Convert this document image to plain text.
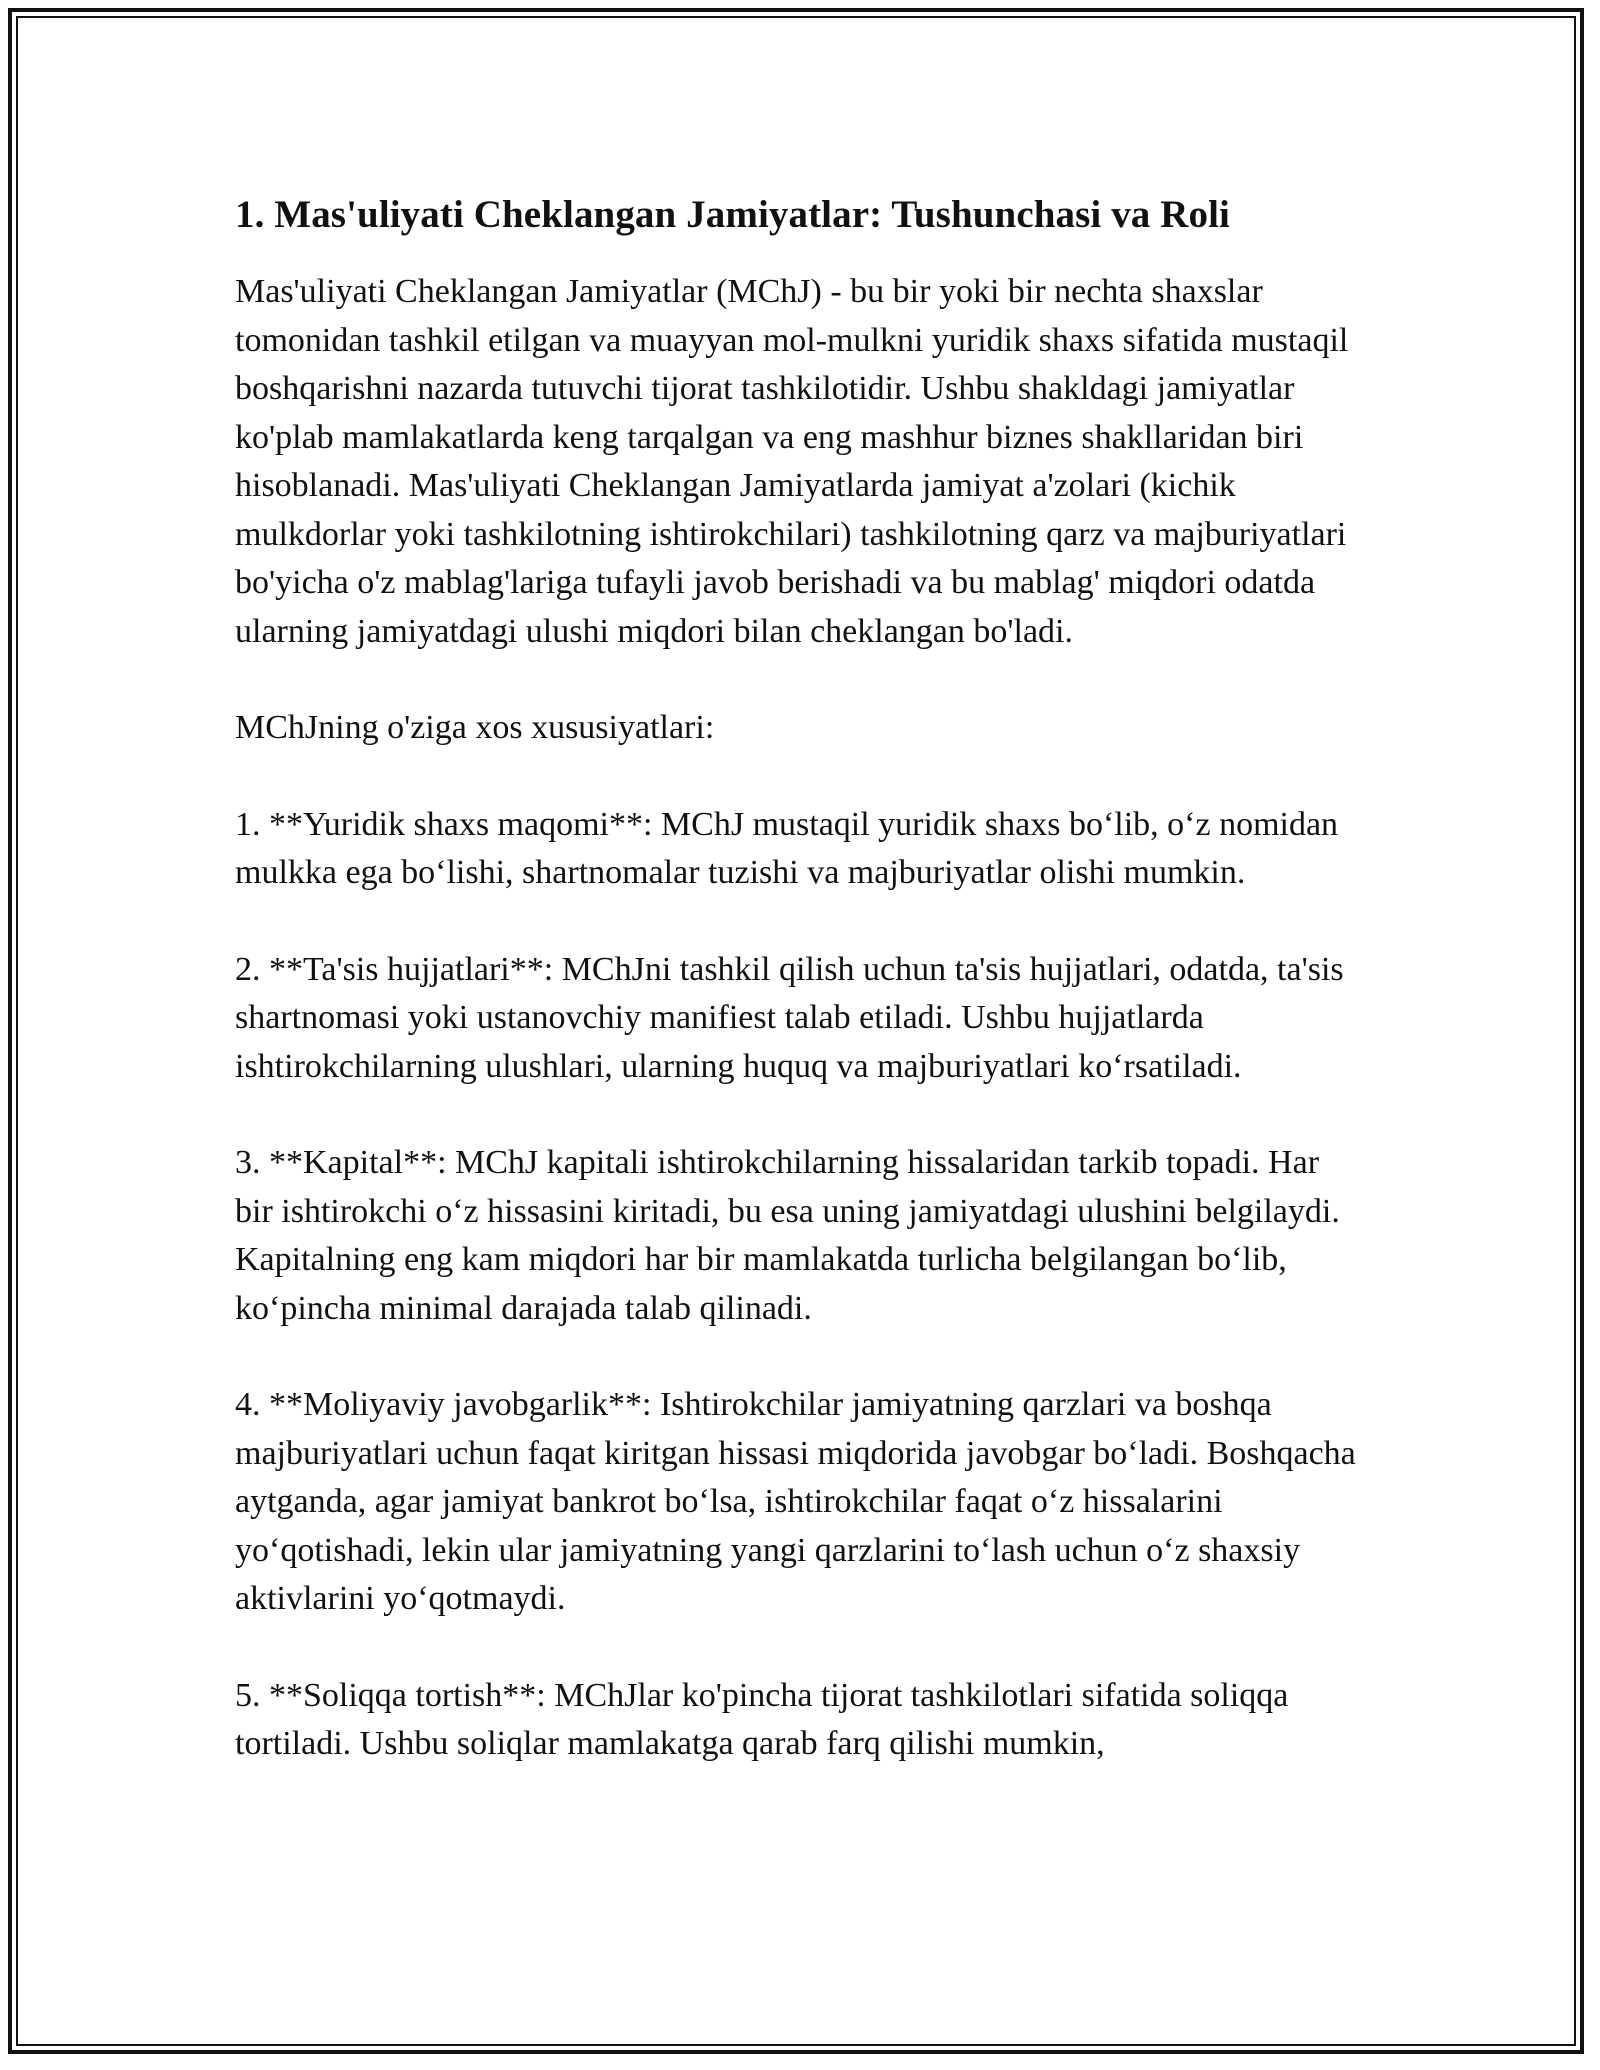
1. Mas'uliyati Cheklangan Jamiyatlar: Tushunchasi va Roli

Mas'uliyati Cheklangan Jamiyatlar (MChJ) - bu bir yoki bir nechta shaxslar tomonidan tashkil etilgan va muayyan mol-mulkni yuridik shaxs sifatida mustaqil boshqarishni nazarda tutuvchi tijorat tashkilotidir. Ushbu shakldagi jamiyatlar ko'plab mamlakatlarda keng tarqalgan va eng mashhur biznes shakllaridan biri hisoblanadi. Mas'uliyati Cheklangan Jamiyatlarda jamiyat a'zolari (kichik mulkdorlar yoki tashkilotning ishtirokchilari) tashkilotning qarz va majburiyatlari bo'yicha o'z mablag'lariga tufayli javob berishadi va bu mablag' miqdori odatda ularning jamiyatdagi ulushi miqdori bilan cheklangan bo'ladi.

MChJning o'ziga xos xususiyatlari:

1. **Yuridik shaxs maqomi**: MChJ mustaqil yuridik shaxs bo‘lib, o‘z nomidan mulkka ega bo‘lishi, shartnomalar tuzishi va majburiyatlar olishi mumkin.

2. **Ta'sis hujjatlari**: MChJni tashkil qilish uchun ta'sis hujjatlari, odatda, ta'sis shartnomasi yoki ustanovchiy manifiest talab etiladi. Ushbu hujjatlarda ishtirokchilarning ulushlari, ularning huquq va majburiyatlari ko‘rsatiladi.

3. **Kapital**: MChJ kapitali ishtirokchilarning hissalaridan tarkib topadi. Har bir ishtirokchi o‘z hissasini kiritadi, bu esa uning jamiyatdagi ulushini belgilaydi. Kapitalning eng kam miqdori har bir mamlakatda turlicha belgilangan bo‘lib, ko‘pincha minimal darajada talab qilinadi.

4. **Moliyaviy javobgarlik**: Ishtirokchilar jamiyatning qarzlari va boshqa majburiyatlari uchun faqat kiritgan hissasi miqdorida javobgar bo‘ladi. Boshqacha aytganda, agar jamiyat bankrot bo‘lsa, ishtirokchilar faqat o‘z hissalarini yo‘qotishadi, lekin ular jamiyatning yangi qarzlarini to‘lash uchun o‘z shaxsiy aktivlarini yo‘qotmaydi.

5. **Soliqqa tortish**: MChJlar ko'pincha tijorat tashkilotlari sifatida soliqqa tortiladi. Ushbu soliqlar mamlakatga qarab farq qilishi mumkin,
